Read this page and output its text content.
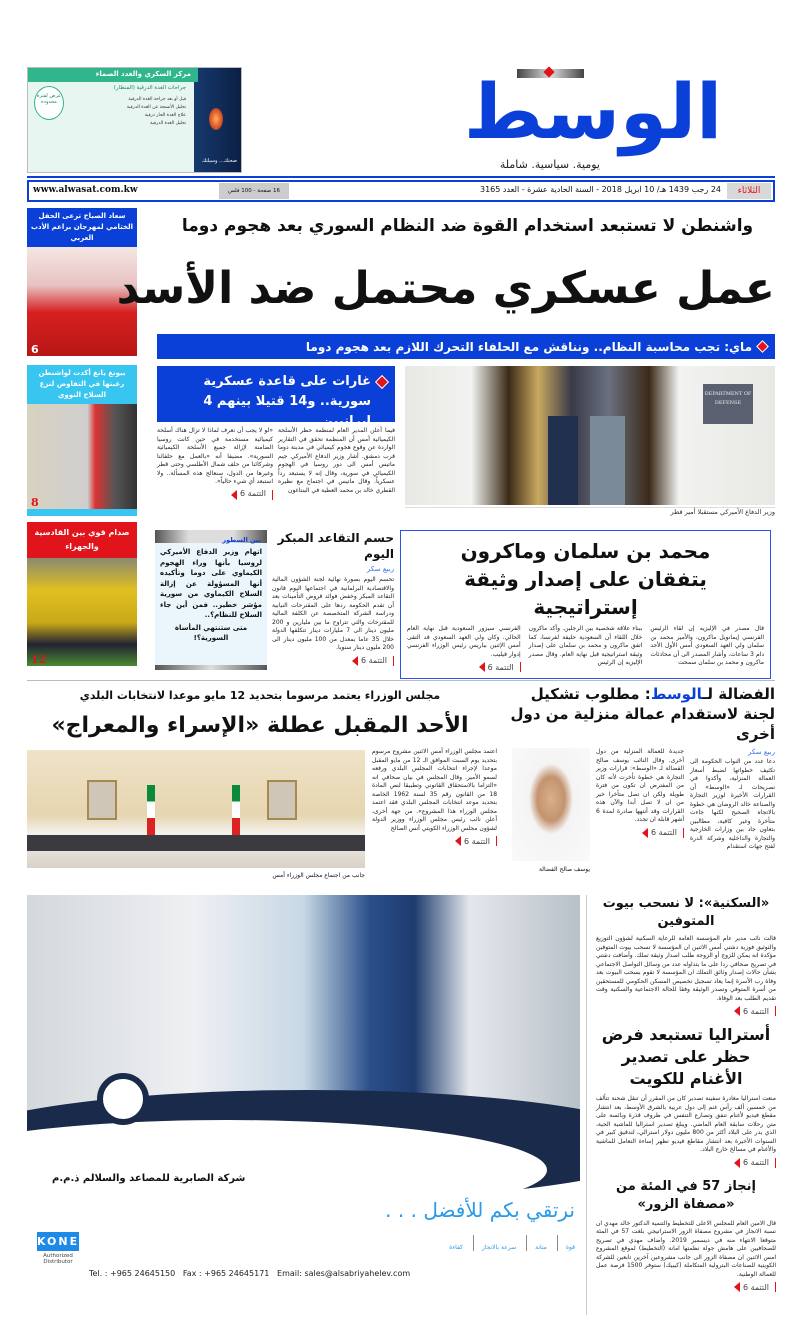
مركز السكري والغدد الصماء
جراحات الغدة الدرقية (المنظار)
قبل أو بعد جراحة الغدة الدرقية
تحليل الأنسجة عن الغدة الدرقية
علاج الغدة الجار درقية
تحليل الغدة الدرقية
عرض لفترة محدودة
صحتك... وسيلتك
الوسط
يومية. سياسية. شاملة
الثلاثاء
24 رجب 1439 هـ/ 10 ابريل 2018 - السنة الحادية عشرة - العدد 3165
16 صفحة - 100 فلس
www.alwasat.com.kw
سعاد الصباح ترعى الحفل الختامي لمهرجان براعم الأدب العربي
6
بيونغ يانغ أكدت لواشنطن رغبتها في التفاوض لنزع السلاح النووي
8
صدام قوي بين القادسية والجهراء
12
واشنطن لا تستبعد استخدام القوة ضد النظام السوري بعد هجوم دوما
عمل عسكري محتمل ضد الأسد
ماي: تجب محاسبة النظام.. ونناقش مع الحلفاء التحرك اللازم بعد هجوم دوما
غارات على قاعدة عسكرية سورية.. و14 قتيلا بينهم 4 إيرانيين
فيما أعلن المدير العام لمنظمة حظر الأسلحة الكيميائية أمس أن المنظمة تحقق في التقارير الواردة عن وقوع هجوم كيميائي في مدينة دوما قرب دمشق. أشار وزير الدفاع الأميركي جيم ماتيس أمس الى دور روسيا في الهجوم الكيميائي في سورية، وقال إنه لا يستبعد رداً عسكرياً. وقال ماتيس في اجتماع مع نظيره القطري خالد بن محمد العطية في البنتاغون
«لو لا يجب أن نعرف لماذا لا تزال هناك أسلحة كيميائية مستخدمة في حين كانت روسيا الضامنة لإزالة جميع الأسلحة الكيميائية السورية». مضيفا أنه «بالعمل مع حلفائنا وشركائنا من حلف شمال الأطلسي وحتى قطر وغيرها من الدول، سنعالج هذه المسألة.. ولا استبعد أي شيء حالياً».
التتمة 6
DEPARTMENT OF DEFENSE
وزير الدفاع الأميركي مستقبلا أمير قطر
محمد بن سلمان وماكرون يتفقان على إصدار وثيقة إستراتيجية
قال مصدر في الإليزيه إن لقاء الرئيس الفرنسي إيمانويل ماكرون، والأمير محمد بن سلمان ولي العهد السعودي أمس الأول الأحد دام 3 ساعات. وأشار المصدر الى أن محادثات ماكرون و محمد بن سلمان سمحت
ببناء علاقة شخصية بين الرجلين. وأكد ماكرون خلال اللقاء أن السعودية حليفة لفرنسا، كما اتفق ماكرون و محمد بن سلمان على إصدار وثيقة استراتيجية قبل نهاية العام. وقال مصدر الإليزيه إن الرئيس
الفرنسي سيزور السعودية قبل نهاية العام الحالي. وكان ولي العهد السعودي قد التقى أمس الإثنين بباريس رئيس الوزراء الفرنسي إدوار فيليب.
التتمة 6
حسم التقاعد المبكر اليوم
ربيع سكر
تحسم اليوم بصورة نهائية لجنة الشؤون المالية والاقتصادية البرلمانية في اجتماعها اليوم قانون التقاعد المبكر وخفض فوائد قروض التأمينات بعد أن تقدم الحكومة ردها على المقترحات النيابية ودراسة الشركة المتخصصة عن الكلفة المالية للمقترحات والتي تتراوح ما بين مليارين و 200 مليون دينار الى 7 مليارات دينار تتكلفها الدولة خلال 35 عاما بمعدل من 100 مليون دينار الى 200 مليون دينار سنويا.
التتمة 6
بين السطور
اتهام وزير الدفاع الأميركي لروسيا بأنها وراء الهجوم الكيماوي على دوما وتأكيده أنها المسؤولة عن إزالة السلاح الكيماوي من سورية مؤشر خطير.. فمن أين جاء السلاح للنظام؟..
متى ستنتهي المأساة السورية؟!
الفضالة لـالوسط: مطلوب تشكيل لجنة لاستقدام عمالة منزلية من دول أخرى
ربيع سكر
دعا عدد من النواب الحكومة الى تكثيف خطواتها لضبط أسعار العمالة المنزلية، وأكدوا في تصريحات لـ «الوسط» أن القرارات الأخيرة لوزير التجارة والصناعة خالد الروضان هي خطوة بالاتجاه الصحيح لكنها جاءت متأخرة وغير كافية، مطالبين بتعاون جاد بين وزارات الخارجية والتجارة والداخلية وشركة الدرة لفتح جهات استقدام
جديدة للعمالة المنزلية من دول أخرى. وقال النائب يوسف صالح الفضالة لـ «الوسط»: قرارات وزير التجارة هي خطوة تأخرت لأنه كان من المفترض ان تكون من فترة طويلة ولكن ان تصل متأخرا خير من ان لا تصل أبدا والآن هذه القرارات وقد أنتهها صادرة لمدة 6 أشهر قابلة ان تجدد.
التتمة 6
يوسف صالح الفضالة
مجلس الوزراء يعتمد مرسوما بتحديد 12 مايو موعدا لانتخابات البلدي
الأحد المقبل عطلة «الإسراء والمعراج»
جانب من اجتماع مجلس الوزراء أمس
اعتمد مجلس الوزراء أمس الاثنين مشروع مرسوم بتحديد يوم السبت الموافق الـ 12 من مايو المقبل موعدا لإجراء انتخابات المجلس البلدي ورفعه لسمو الأمير. وقال المجلس في بيان صحافي انه «التزاما بالاستحقاق القانوني وتطبيقا لنص المادة 18 من القانون رقم 35 لسنة 1962 الخاصة بتحديد موعد انتخابات المجلس البلدي فقد اعتمد مجلس الوزراء هذا المشروع». من جهة أخرى، أعلن نائب رئيس مجلس الوزراء ووزير الدولة لشؤون مجلس الوزراء الكويتي أنس الصالح
التتمة 6
شركة الصابرية للمصاعد والسلالم ذ.م.م
نرتقي بكم للأفضل . . .
قوة
متانة
سرعة بالانجاز
كفاءة
KONE
Authorized Distributor
Tel. : +965 24645150   Fax : +965 24645171   Email: sales@alsabriyahelev.com
«السكنية»: لا نسحب بيوت المتوفين
قالت نائب مدير عام المؤسسة العامة للرعاية السكنية لشؤون التوزيع والتوثيق فوزية دشتي أمس الاثنين ان المؤسسة لا تسحب بيوت المتوفين مؤكدة انه يمكن للزوج أو الزوجة طلب اصدار وثيقة تملك. وأضافت دشتي في تصريح صحافي ردا على ما يتداوله عدد من وسائل التواصل الاجتماعي بشأن حالات إصدار وثائق التملك ان المؤسسة لا تقوم بسحب البيوت بعد وفاة رب الأسرة إنما يعاد تسجيل تخصيص المسكن الحكومي للمستحقين من أسرة المتوفي وتصدر الوثيقة وفقا للحالة الاجتماعية والسكنية وقت تقديم الطلب بعد الوفاة.
التتمة 6
أستراليا تستبعد فرض حظر على تصدير الأغنام للكويت
منعت استراليا مغادرة سفينة تصدير كان من المقرر أن تنقل شحنة تتألف من خمسين ألف رأس غنم إلى دول عربية بالشرق الأوسط، بعد انتشار مقطع فيديو لأغنام تنفق وتصارع التنفس في ظروف قذرة وبائسة على متن رحلات سابقة العام الماضي. ويبلغ تصدير استراليا للماشية الحية، الذي يدر على البلاد أكثر من 800 مليون دولار استرالي، لتدقيق كبير في السنوات الأخيرة بعد انتشار مقاطع فيديو تظهر إساءة التعامل للماشية والأغنام في مسالخ خارج البلاد.
التتمة 6
إنجاز 57 في المئة من «مصفاة الزور»
قال الامين العام للمجلس الاعلى للتخطيط والتنمية الدكتور خالد مهدي ان نسبة الانجاز في مشروع مصفاة الزور الاستراتيجي بلغت 57 في المئة متوقعا الانتهاء منه في ديسمبر 2019. واضاف مهدي في تصريح للصحافيين على هامش جولة نظمتها امانة (التخطيط) لموقع المشروع امس الاثنين ان مصفاة الزور الى جانب مشروعين آخرين تابعين للشركة الكويتية للصناعات البترولية المتكاملة (كيبيك) ستوفر 1500 فرصة عمل للعمالة الوطنية.
التتمة 6
